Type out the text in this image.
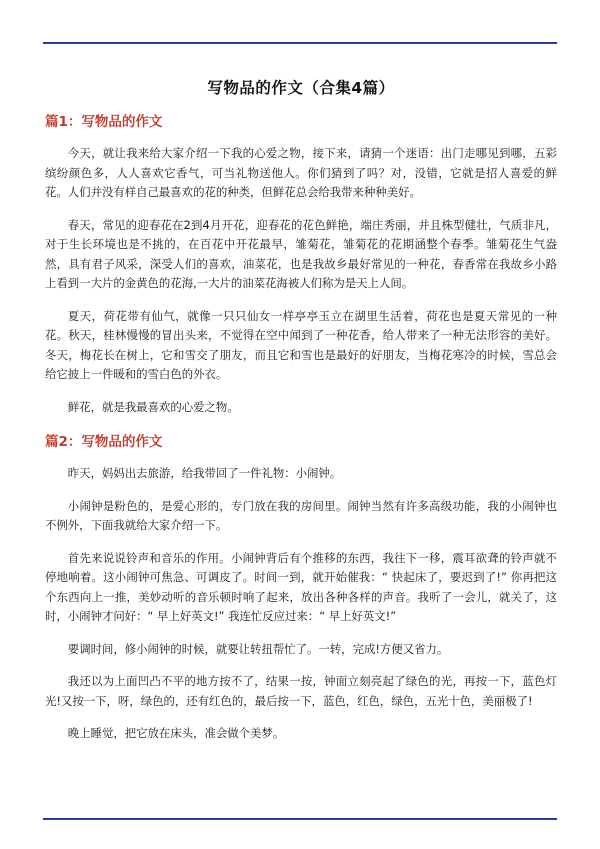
写物品的作文（合集4篇）
篇1：写物品的作文

今天，就让我来给大家介绍一下我的心爱之物，接下来，请猜一个迷语：出门走哪见到哪，五彩缤纷颜色多，人人喜欢它香气，可当礼物送他人。你们猜到了吗？对，没错，它就是招人喜爱的鲜花。人们并没有样自己最喜欢的花的种类，但鲜花总会给我带来种种美好。

春天，常见的迎春花在2到4月开花，迎春花的花色鲜艳，端庄秀丽，并且株型健壮，气质非凡，对于生长环境也是不挑的，在百花中开花最早，雏菊花，雏菊花的花期涵整个春季。雏菊花生气盎然，具有君子风采，深受人们的喜欢，油菜花，也是我故乡最好常见的一种花，春香常在我故乡小路上看到一大片的金黄色的花海,一大片的油菜花海被人们称为是天上人间。

夏天，荷花带有仙气，就像一只只仙女一样亭亭玉立在湖里生活着，荷花也是夏天常见的一种花。秋天，桂林慢慢的冒出头来，不觉得在空中闻到了一种花香，给人带来了一种无法形容的美好。冬天，梅花长在树上，它和雪交了朋友，而且它和雪也是最好的好朋友，当梅花寒冷的时候，雪总会给它披上一件暖和的雪白色的外衣。

鲜花，就是我最喜欢的心爱之物。

篇2：写物品的作文

昨天，妈妈出去旅游，给我带回了一件礼物：小闹钟。

小闹钟是粉色的，是爱心形的，专门放在我的房间里。闹钟当然有许多高级功能，我的小闹钟也不例外，下面我就给大家介绍一下。

首先来说说铃声和音乐的作用。小闹钟背后有个推移的东西，我往下一移，震耳欲聋的铃声就不停地响着。这小闹钟可焦急、可调皮了。时间一到，就开始催我：“ 快起床了，要迟到了!” 你再把这个东西向上一推，美妙动听的音乐顿时响了起来，放出各种各样的声音。我听了一会儿，就关了，这时，小闹钟才问好：“ 早上好英文!” 我连忙反应过来：“ 早上好英文!”

要调时间，修小闹钟的时候，就要让转扭帮忙了。一转，完成!方便又省力。

我还以为上面凹凸不平的地方按不了，结果一按，钟面立刻亮起了绿色的光，再按一下，蓝色灯光!又按一下，呀，绿色的，还有红色的，最后按一下，蓝色，红色，绿色，五光十色，美丽极了!

晚上睡觉，把它放在床头，准会做个美梦。
